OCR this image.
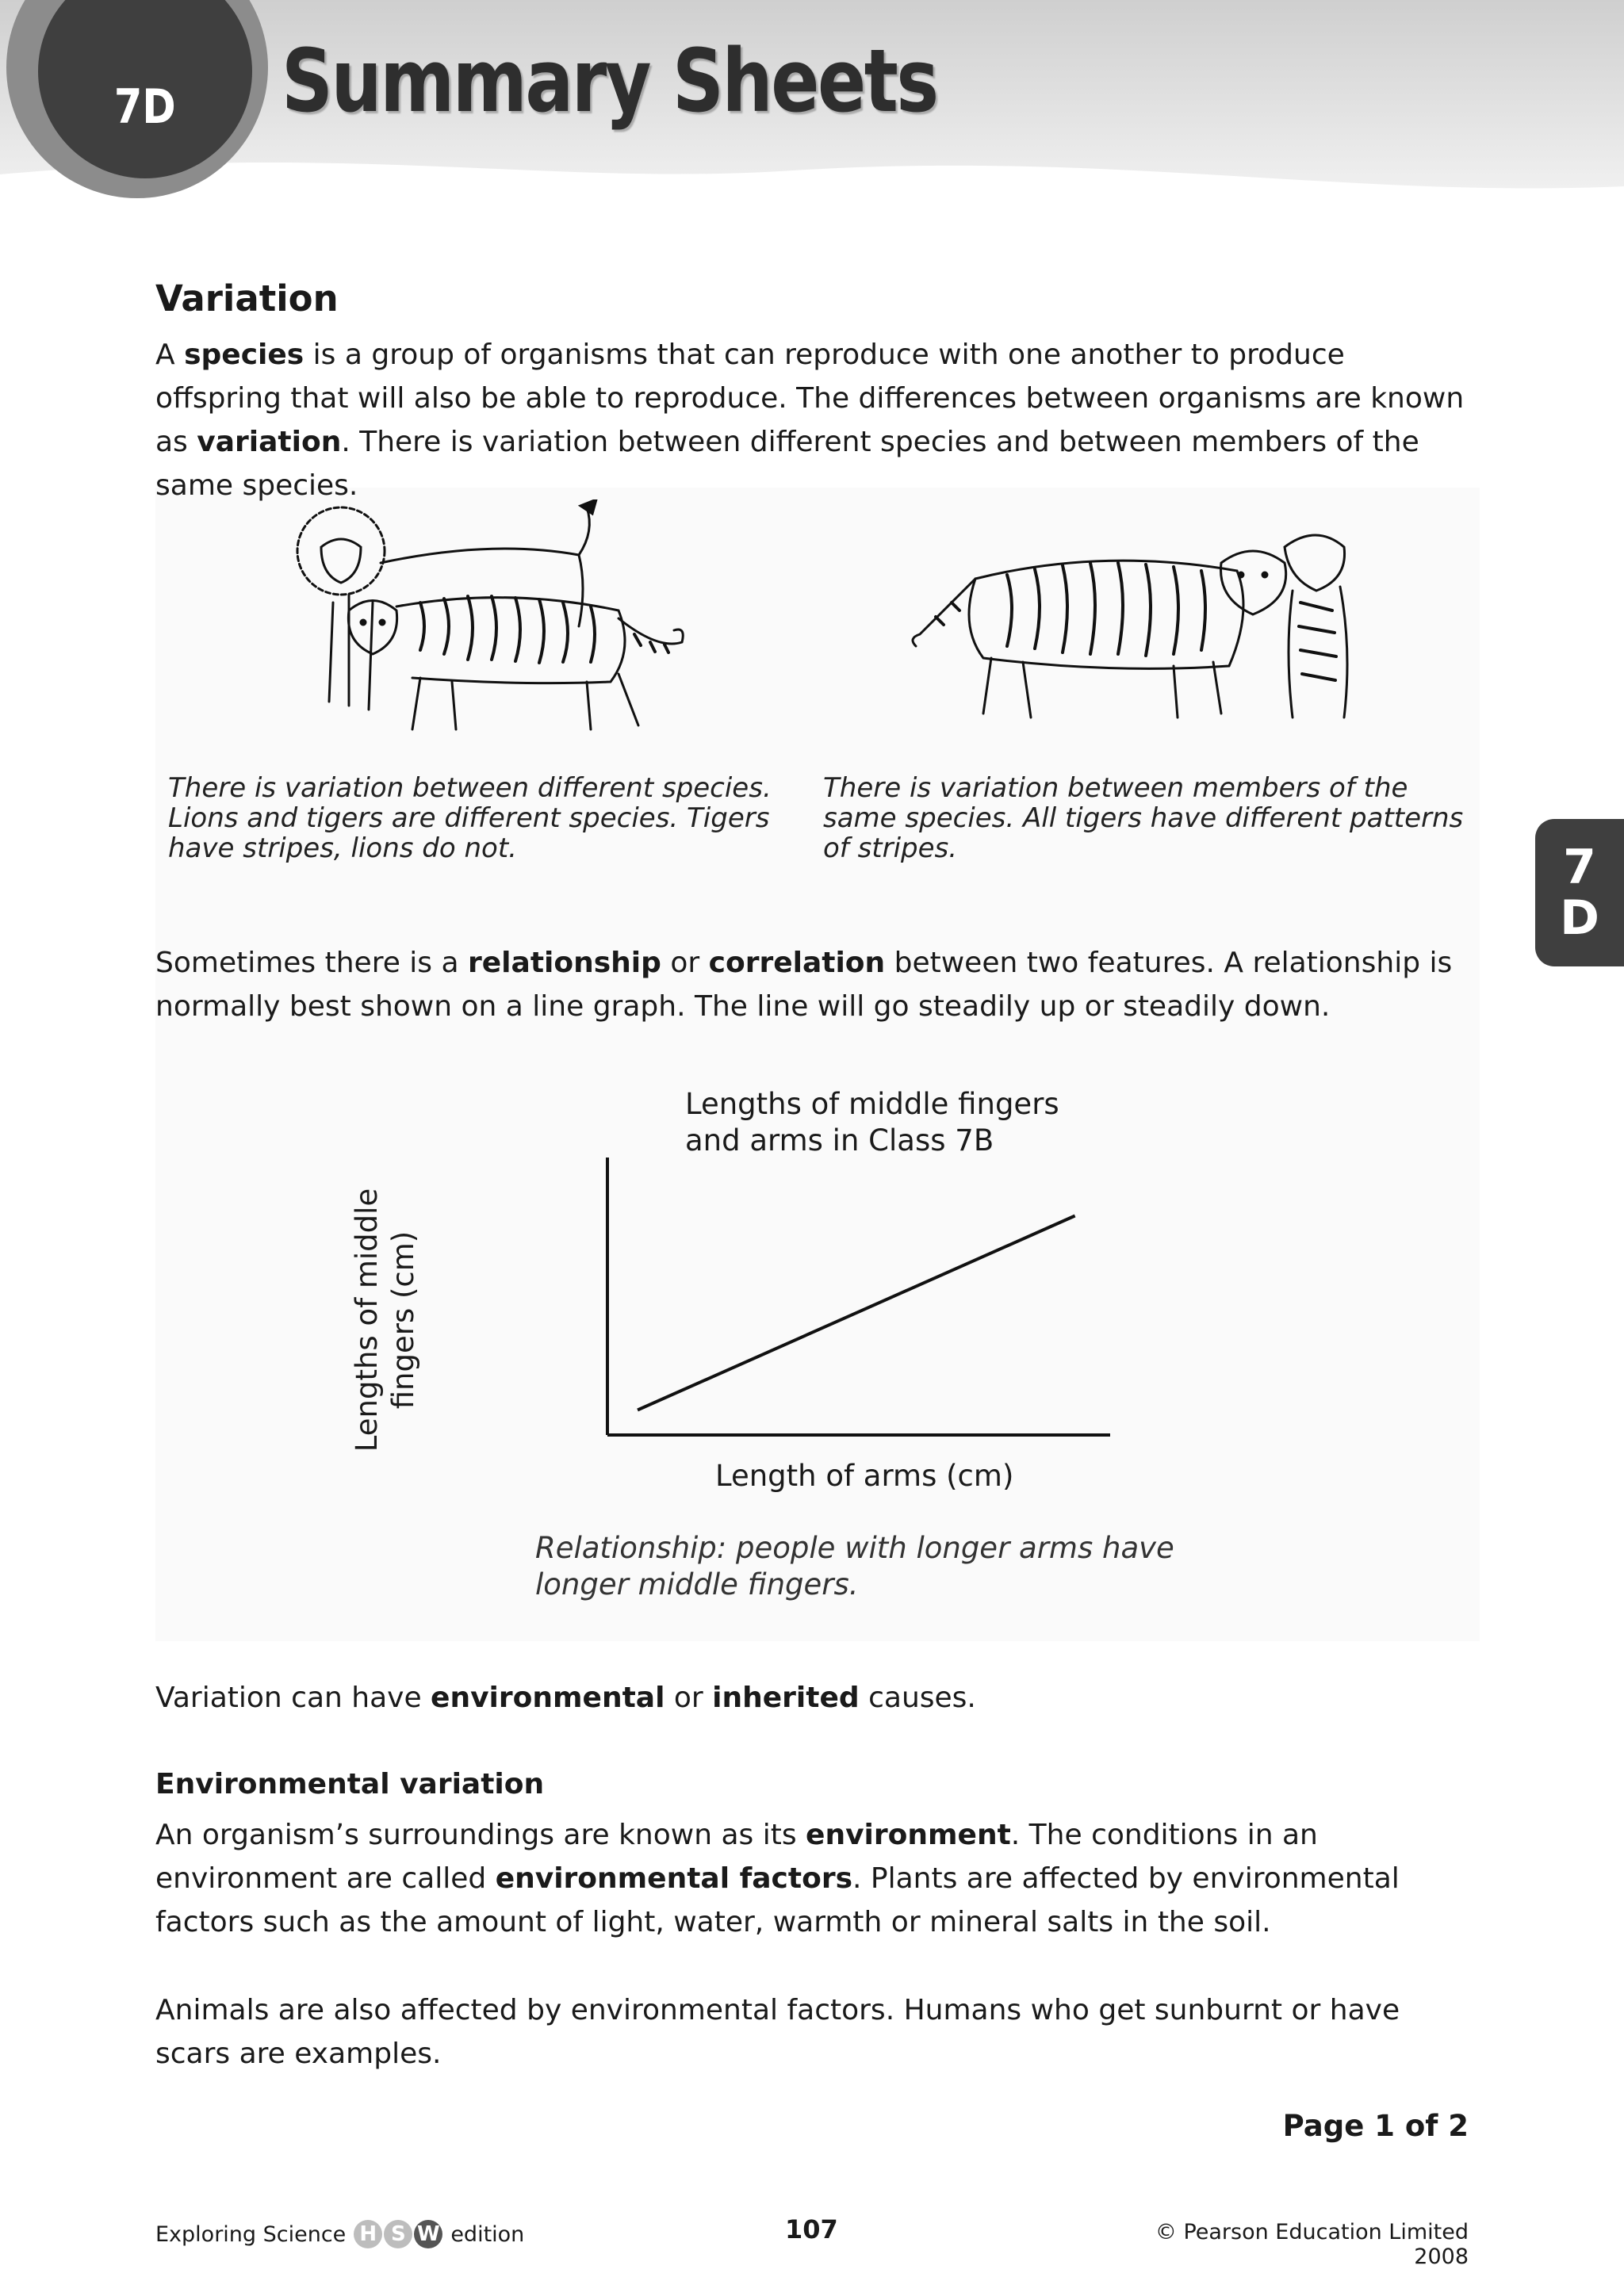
7D Summary Sheets
7
D
Variation

A species is a group of organisms that can reproduce with one another to produce offspring that will also be able to reproduce. The differences between organisms are known as variation. There is variation between different species and between members of the same species.

There is variation between different species. Lions and tigers are different species. Tigers have stripes, lions do not.
There is variation between members of the same species. All tigers have different patterns of stripes.

Sometimes there is a relationship or correlation between two features. A relationship is normally best shown on a line graph. The line will go steadily up or steadily down.

Lengths of middle fingers
and arms in Class 7B
Lengths of middle fingers (cm)
Length of arms (cm)
Relationship: people with longer arms have
longer middle fingers.

Variation can have environmental or inherited causes.

Environmental variation

An organism’s surroundings are known as its environment. The conditions in an environment are called environmental factors. Plants are affected by environmental factors such as the amount of light, water, warmth or mineral salts in the soil.

Animals are also affected by environmental factors. Humans who get sunburnt or have scars are examples.

Page 1 of 2
Exploring Science H S W edition	107	© Pearson Education Limited 2008
